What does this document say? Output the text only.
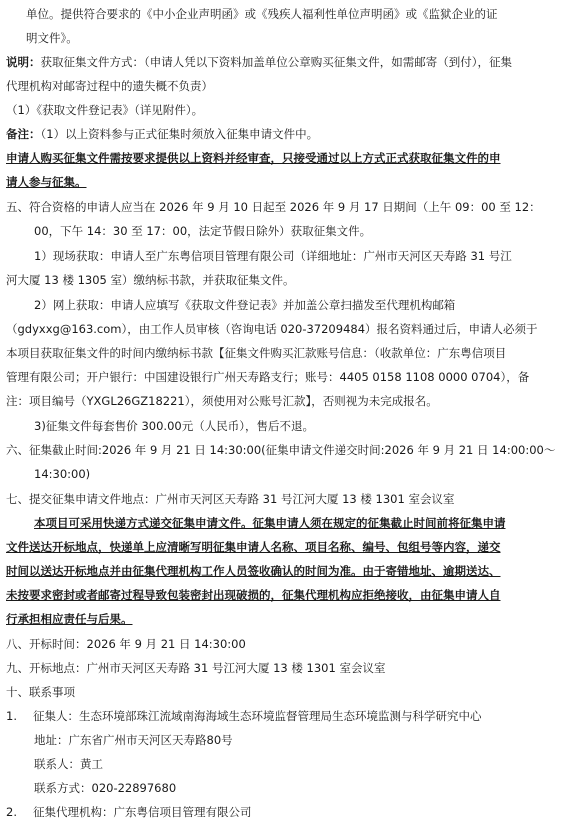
单位。提供符合要求的《中小企业声明函》或《残疾人福利性单位声明函》或《监狱企业的证
明文件》。
说明：获取征集文件方式：（申请人凭以下资料加盖单位公章购买征集文件，如需邮寄（到付），征集
代理机构对邮寄过程中的遗失概不负责）
（1）《获取文件登记表》（详见附件）。
备注：（1）以上资料参与正式征集时须放入征集申请文件中。
申请人购买征集文件需按要求提供以上资料并经审查，只接受通过以上方式正式获取征集文件的申
请人参与征集。
五、符合资格的申请人应当在 2026 年 9 月 10 日起至 2026 年 9 月 17 日期间（上午 09：00 至 12：
00，下午 14：30 至 17：00，法定节假日除外）获取征集文件。
1）现场获取：申请人至广东粤信项目管理有限公司（详细地址：广州市天河区天寿路 31 号江
河大厦 13 楼 1305 室）缴纳标书款，并获取征集文件。
2）网上获取：申请人应填写《获取文件登记表》并加盖公章扫描发至代理机构邮箱
（gdyxxg@163.com），由工作人员审核（咨询电话 020-37209484）报名资料通过后，申请人必须于
本项目获取征集文件的时间内缴纳标书款【征集文件购买汇款账号信息：（收款单位：广东粤信项目
管理有限公司；开户银行：中国建设银行广州天寿路支行；账号：4405 0158 1108 0000 0704），备
注：项目编号（YXGL26GZ18221），须使用对公账号汇款】，否则视为未完成报名。
3)征集文件每套售价 300.00元（人民币），售后不退。
六、征集截止时间:2026 年 9 月 21 日 14:30:00(征集申请文件递交时间:2026 年 9 月 21 日 14:00:00～
14:30:00)
七、提交征集申请文件地点：广州市天河区天寿路 31 号江河大厦 13 楼 1301 室会议室
本项目可采用快递方式递交征集申请文件。征集申请人须在规定的征集截止时间前将征集申请
文件送达开标地点，快递单上应清晰写明征集申请人名称、项目名称、编号、包组号等内容，递交
时间以送达开标地点并由征集代理机构工作人员签收确认的时间为准。由于寄错地址、逾期送达、
未按要求密封或者邮寄过程导致包装密封出现破损的，征集代理机构应拒绝接收，由征集申请人自
行承担相应责任与后果。
八、开标时间：2026 年 9 月 21 日 14:30:00
九、开标地点：广州市天河区天寿路 31 号江河大厦 13 楼 1301 室会议室
十、联系事项
1. 征集人：生态环境部珠江流域南海海域生态环境监督管理局生态环境监测与科学研究中心
地址：广东省广州市天河区天寿路80号
联系人：黄工
联系方式：020-22897680
2. 征集代理机构：广东粤信项目管理有限公司
